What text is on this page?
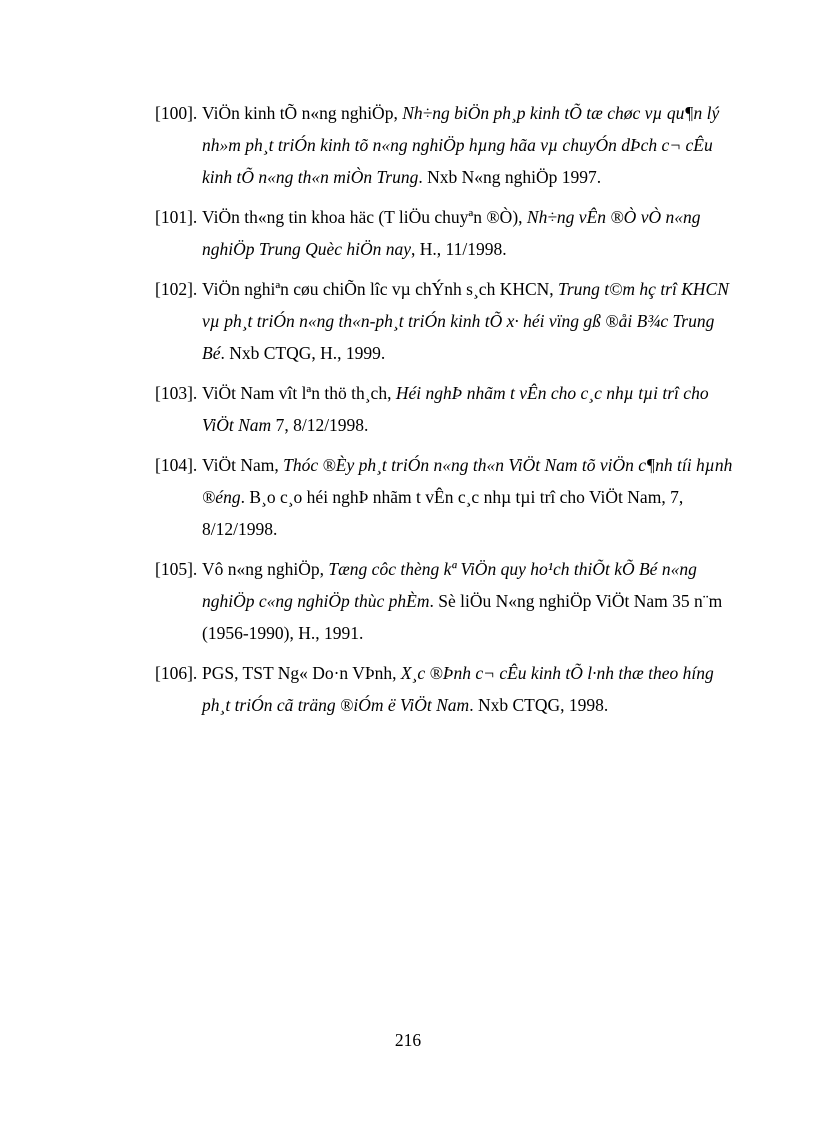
[100]. ViÖn kinh tÕ n«ng nghiÖp, Nh÷ng biÖn ph¸p kinh tÕ tæ chøc vµ qu¶n lý nh»m ph¸t triÓn kinh tõ n«ng nghiÖp hµng hãa vµ chuyÓn dÞch c¬ cÊu kinh tÕ n«ng th«n miÒn Trung. Nxb N«ng nghiÖp 1997.
[101]. ViÖn th«ng tin khoa häc (T liÖu chuyªn ®Ò), Nh÷ng vÊn ®Ò vÒ n«ng nghiÖp Trung Quèc hiÖn nay, H., 11/1998.
[102]. ViÖn nghiªn cøu chiÕn lîc vµ chÝnh s¸ch KHCN, Trung t©m hç trî KHCN vµ ph¸t triÓn n«ng th«n-ph¸t triÓn kinh tÕ x· héi vïng gß ®åi B¾c Trung Bé. Nxb CTQG, H., 1999.
[103]. ViÖt Nam vît lªn thö th¸ch, Héi nghÞ nhãm t vÊn cho c¸c nhµ tµi trî cho ViÖt Nam 7, 8/12/1998.
[104]. ViÖt Nam, Thóc ®Èy ph¸t triÓn n«ng th«n ViÖt Nam tõ viÖn c¶nh tíi hµnh ®éng. B¸o c¸o héi nghÞ nhãm t vÊn c¸c nhµ tµi trî cho ViÖt Nam, 7, 8/12/1998.
[105]. Vô n«ng nghiÖp, Tæng côc thèng kª ViÖn quy ho¹ch thiÕt kÕ Bé n«ng nghiÖp c«ng nghiÖp thùc phÈm. Sè liÖu N«ng nghiÖp ViÖt Nam 35 n¨m (1956-1990), H., 1991.
[106]. PGS, TST Ng« Do·n VÞnh, X¸c ®Þnh c¬ cÊu kinh tÕ l·nh thæ theo híng ph¸t triÓn cã träng ®iÓm ë ViÖt Nam. Nxb CTQG, 1998.
216
